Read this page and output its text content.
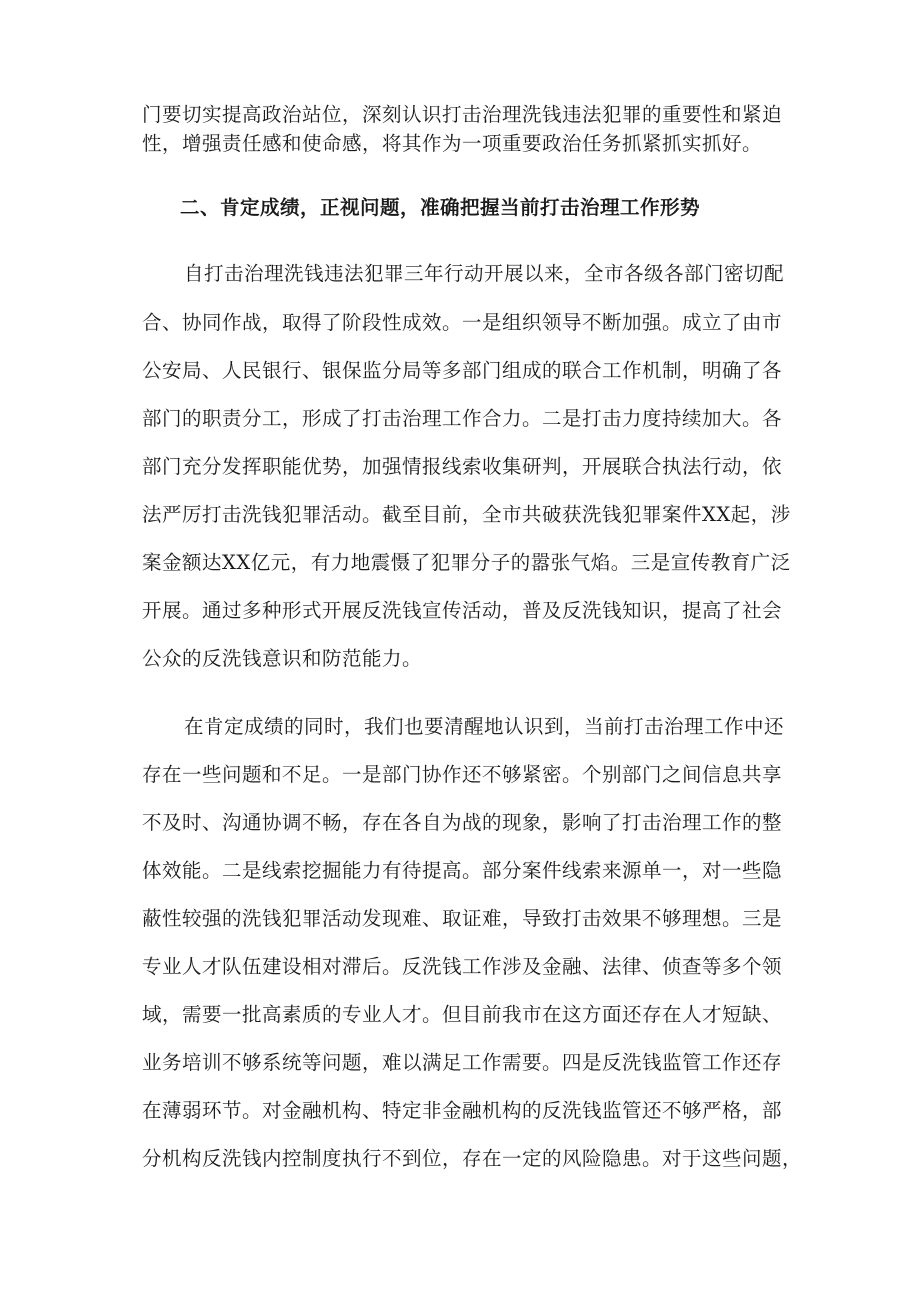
门要切实提高政治站位，深刻认识打击治理洗钱违法犯罪的重要性和紧迫
性，增强责任感和使命感，将其作为一项重要政治任务抓紧抓实抓好。
二、肯定成绩，正视问题，准确把握当前打击治理工作形势
自打击治理洗钱违法犯罪三年行动开展以来，全市各级各部门密切配
合、协同作战，取得了阶段性成效。一是组织领导不断加强。成立了由市
公安局、人民银行、银保监分局等多部门组成的联合工作机制，明确了各
部门的职责分工，形成了打击治理工作合力。二是打击力度持续加大。各
部门充分发挥职能优势，加强情报线索收集研判，开展联合执法行动，依
法严厉打击洗钱犯罪活动。截至目前，全市共破获洗钱犯罪案件XX起，涉
案金额达XX亿元，有力地震慑了犯罪分子的嚣张气焰。三是宣传教育广泛
开展。通过多种形式开展反洗钱宣传活动，普及反洗钱知识，提高了社会
公众的反洗钱意识和防范能力。
在肯定成绩的同时，我们也要清醒地认识到，当前打击治理工作中还
存在一些问题和不足。一是部门协作还不够紧密。个别部门之间信息共享
不及时、沟通协调不畅，存在各自为战的现象，影响了打击治理工作的整
体效能。二是线索挖掘能力有待提高。部分案件线索来源单一，对一些隐
蔽性较强的洗钱犯罪活动发现难、取证难，导致打击效果不够理想。三是
专业人才队伍建设相对滞后。反洗钱工作涉及金融、法律、侦查等多个领
域，需要一批高素质的专业人才。但目前我市在这方面还存在人才短缺、
业务培训不够系统等问题，难以满足工作需要。四是反洗钱监管工作还存
在薄弱环节。对金融机构、特定非金融机构的反洗钱监管还不够严格，部
分机构反洗钱内控制度执行不到位，存在一定的风险隐患。对于这些问题，
